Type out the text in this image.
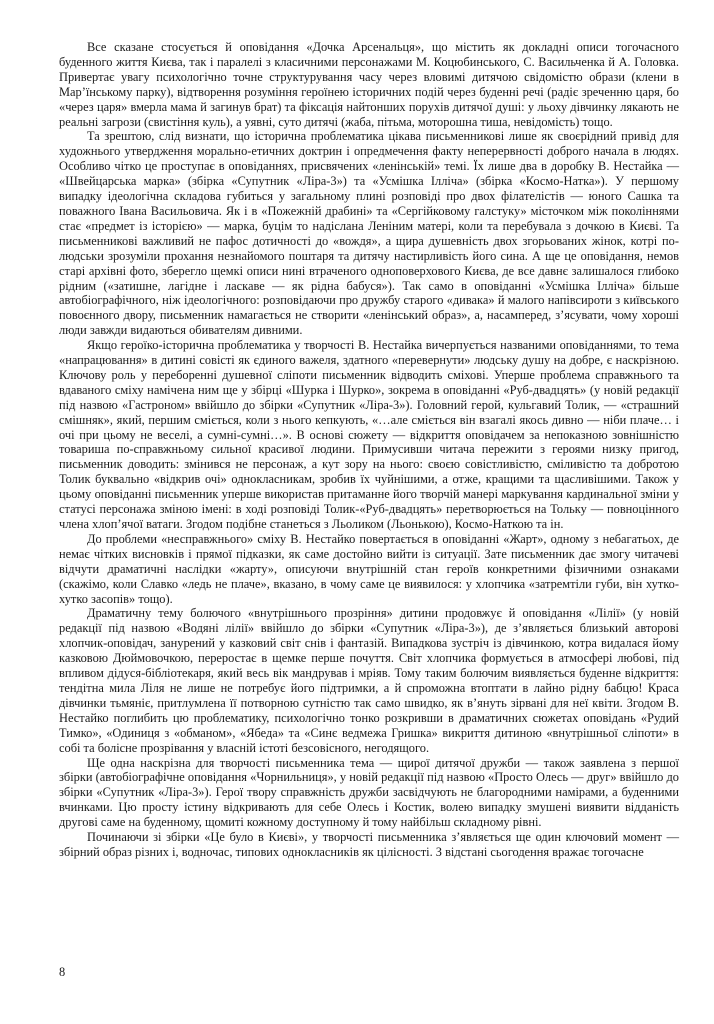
Все сказане стосується й оповідання «Дочка Арсенальця», що містить як докладні описи тогочасного буденного життя Києва, так і паралелі з класичними персонажами М. Коцюбинського, С. Васильченка й А. Головка. Привертає увагу психологічно точне структурування часу через вловимі дитячою свідомістю образи (клени в Мар’їнському парку), відтворення розуміння героїнею історичних подій через буденні речі (радіє зреченню царя, бо «через царя» вмерла мама й загинув брат) та фіксація найтонших порухів дитячої душі: у льоху дівчинку лякають не реальні загрози (свистіння куль), а уявні, суто дитячі (жаба, пітьма, моторошна тиша, невідомість) тощо.

Та зрештою, слід визнати, що історична проблематика цікава письменникові лише як своєрідний привід для художнього утвердження морально-етичних доктрин і опредмечення факту неперервності доброго начала в людях. Особливо чітко це проступає в оповіданнях, присвячених «ленінській» темі. Їх лише два в доробку В. Нестайка — «Швейцарська марка» (збірка «Супутник «Ліра-3») та «Усмішка Ілліча» (збірка «Космо-Натка»). У першому випадку ідеологічна складова губиться у загальному плині розповіді про двох філателістів — юного Сашка та поважного Івана Васильовича. Як і в «Пожежній драбині» та «Сергійковому галстуку» місточком між поколіннями стає «предмет із історією» — марка, буцім то надіслана Леніним матері, коли та перебувала з дочкою в Києві. Та письменникові важливий не пафос дотичності до «вождя», а щира душевність двох згорьованих жінок, котрі по-людськи зрозуміли прохання незнайомого поштаря та дитячу настирливість його сина. А ще це оповідання, немов старі архівні фото, зберегло щемкі описи нині втраченого одноповерхового Києва, де все давнє залишалося глибоко рідним («затишне, лагідне і ласкаве — як рідна бабуся»). Так само в оповіданні «Усмішка Ілліча» більше автобіографічного, ніж ідеологічного: розповідаючи про дружбу старого «дивака» й малого напівсироти з київського повоєнного двору, письменник намагається не створити «ленінський образ», а, насамперед, з’ясувати, чому хороші люди завжди видаються обивателям дивними.

Якщо героїко-історична проблематика у творчості В. Нестайка вичерпується названими оповіданнями, то тема «напрацювання» в дитині совісті як єдиного важеля, здатного «перевернути» людську душу на добре, є наскрізною. Ключову роль у переборенні душевної сліпоти письменник відводить сміхові. Уперше проблема справжнього та вдаваного сміху намічена ним ще у збірці «Шурка і Шурко», зокрема в оповіданні «Руб-двадцять» (у новій редакції під назвою «Гастроном» ввійшло до збірки «Супутник «Ліра-3»). Головний герой, кульгавий Толик, — «страшний смішняк», який, першим сміється, коли з нього кепкують, «…але сміється він взагалі якось дивно — ніби плаче… і очі при цьому не веселі, а сумні-сумні…». В основі сюжету — відкриття оповідачем за непоказною зовнішністю товариша по-справжньому сильної красивої людини. Примусивши читача пережити з героями низку пригод, письменник доводить: змінився не персонаж, а кут зору на нього: своєю совістливістю, сміливістю та добротою Толик буквально «відкрив очі» однокласникам, зробив їх чуйнішими, а отже, кращими та щасливішими. Також у цьому оповіданні письменник уперше використав притаманне його творчій манері маркування кардинальної зміни у статусі персонажа зміною імені: в ході розповіді Толик-«Руб-двадцять» перетворюється на Тольку — повноцінного члена хлоп’ячої ватаги. Згодом подібне станеться з Льоликом (Льонькою), Космо-Наткою та ін.

До проблеми «несправжнього» сміху В. Нестайко повертається в оповіданні «Жарт», одному з небагатьох, де немає чітких висновків і прямої підказки, як саме достойно вийти із ситуації. Зате письменник дає змогу читачеві відчути драматичні наслідки «жарту», описуючи внутрішній стан героїв конкретними фізичними ознаками (скажімо, коли Славко «ледь не плаче», вказано, в чому саме це виявилося: у хлопчика «затремтіли губи, він хутко-хутко засопів» тощо).

Драматичну тему болючого «внутрішнього прозріння» дитини продовжує й оповідання «Лілії» (у новій редакції під назвою «Водяні лілії» ввійшло до збірки «Супутник «Ліра-3»), де з’являється близький авторові хлопчик-оповідач, занурений у казковий світ снів і фантазій. Випадкова зустріч із дівчинкою, котра видалася йому казковою Дюймовочкою, переростає в щемке перше почуття. Світ хлопчика формується в атмосфері любові, під впливом дідуся-бібліотекаря, який весь вік мандрував і мріяв. Тому таким болючим виявляється буденне відкриття: тендітна мила Ліля не лише не потребує його підтримки, а й спроможна втоптати в лайно рідну бабцю! Краса дівчинки тьмяніє, притлумлена її потворною сутністю так само швидко, як в’януть зірвані для неї квіти. Згодом В. Нестайко поглибить цю проблематику, психологічно тонко розкривши в драматичних сюжетах оповідань «Рудий Тимко», «Одиниця з «обманом», «Ябеда» та «Синє ведмежа Гришка» викриття дитиною «внутрішньої сліпоти» в собі та болісне прозрівання у власній істоті безсовісного, негодящого.

Ще одна наскрізна для творчості письменника тема — щирої дитячої дружби — також заявлена з першої збірки (автобіографічне оповідання «Чорнильниця», у новій редакції під назвою «Просто Олесь — друг» ввійшло до збірки «Супутник «Ліра-3»). Герої твору справжність дружби засвідчують не благородними намірами, а буденними вчинками. Цю просту істину відкривають для себе Олесь і Костик, волею випадку змушені виявити відданість другові саме на буденному, щомиті кожному доступному й тому найбільш складному рівні.

Починаючи зі збірки «Це було в Києві», у творчості письменника з’являється ще один ключовий момент — збірний образ різних і, водночас, типових однокласників як цілісності. З відстані сьогодення вражає тогочасне

8
